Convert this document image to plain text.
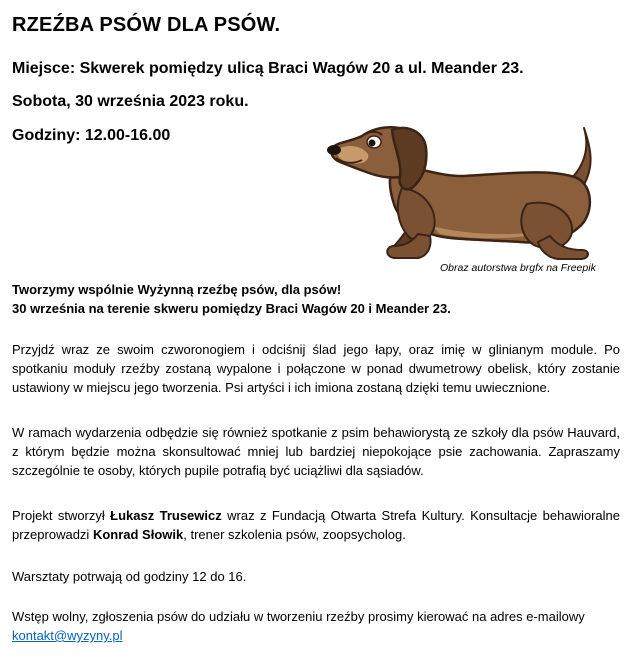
RZEŹBA PSÓW DLA PSÓW.
Miejsce: Skwerek pomiędzy ulicą Braci Wagów 20 a ul. Meander 23.
Sobota, 30 września 2023 roku.
Godziny: 12.00-16.00
Obraz autorstwa brgfx na Freepik
Tworzymy wspólnie Wyżynną rzeźbę psów, dla psów!
30 września na terenie skweru pomiędzy Braci Wagów 20 i Meander 23.
Przyjdź wraz ze swoim czworonogiem i odciśnij ślad jego łapy, oraz imię w glinianym module. Po spotkaniu moduły rzeźby zostaną wypalone i połączone w ponad dwumetrowy obelisk, który zostanie ustawiony w miejscu jego tworzenia. Psi artyści i ich imiona zostaną dzięki temu uwiecznione.
W ramach wydarzenia odbędzie się również spotkanie z psim behawiorystą ze szkoły dla psów Hauvard, z którym będzie można skonsultować mniej lub bardziej niepokojące psie zachowania. Zapraszamy szczególnie te osoby, których pupile potrafią być uciążliwi dla sąsiadów.
Projekt stworzył Łukasz Trusewicz wraz z Fundacją Otwarta Strefa Kultury. Konsultacje behawioralne przeprowadzi Konrad Słowik, trener szkolenia psów, zoopsycholog.
Warsztaty potrwają od godziny 12 do 16.
Wstęp wolny, zgłoszenia psów do udziału w tworzeniu rzeźby prosimy kierować na adres e-mailowy
kontakt@wyzyny.pl
